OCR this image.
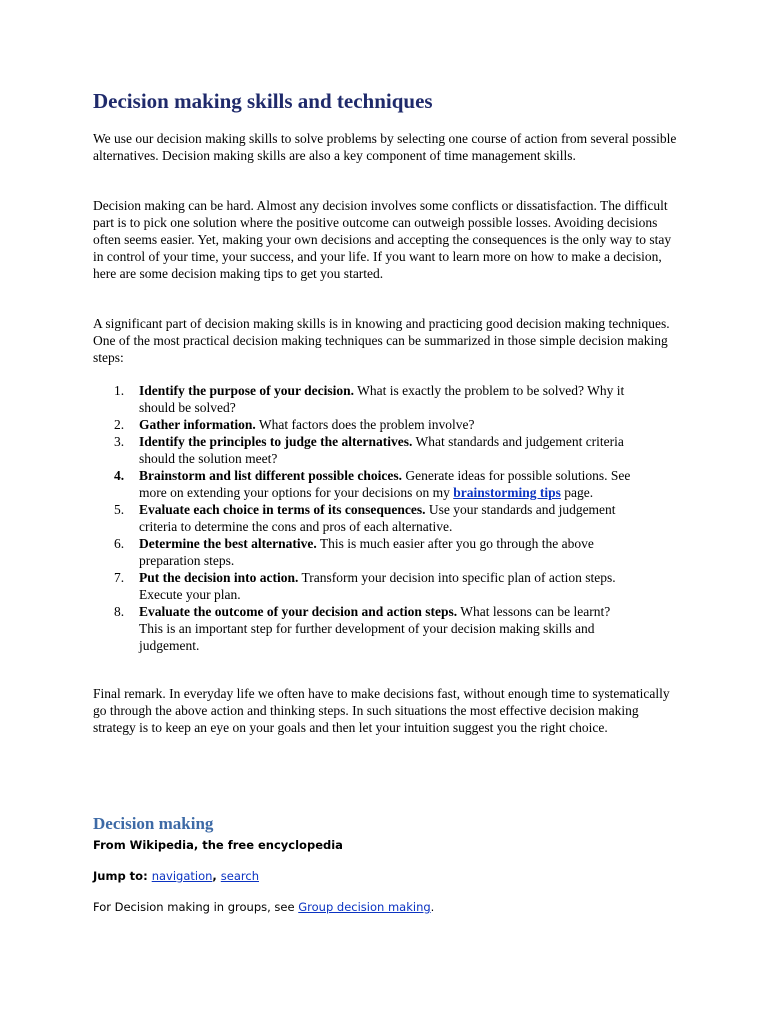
Decision making skills and techniques

We use our decision making skills to solve problems by selecting one course of action from several possible alternatives. Decision making skills are also a key component of time management skills.

Decision making can be hard. Almost any decision involves some conflicts or dissatisfaction. The difficult part is to pick one solution where the positive outcome can outweigh possible losses. Avoiding decisions often seems easier. Yet, making your own decisions and accepting the consequences is the only way to stay in control of your time, your success, and your life. If you want to learn more on how to make a decision, here are some decision making tips to get you started.

A significant part of decision making skills is in knowing and practicing good decision making techniques. One of the most practical decision making techniques can be summarized in those simple decision making steps:

1. Identify the purpose of your decision. What is exactly the problem to be solved? Why it should be solved?
2. Gather information. What factors does the problem involve?
3. Identify the principles to judge the alternatives. What standards and judgement criteria should the solution meet?
4. Brainstorm and list different possible choices. Generate ideas for possible solutions. See more on extending your options for your decisions on my brainstorming tips page.
5. Evaluate each choice in terms of its consequences. Use your standards and judgement criteria to determine the cons and pros of each alternative.
6. Determine the best alternative. This is much easier after you go through the above preparation steps.
7. Put the decision into action. Transform your decision into specific plan of action steps. Execute your plan.
8. Evaluate the outcome of your decision and action steps. What lessons can be learnt? This is an important step for further development of your decision making skills and judgement.

Final remark. In everyday life we often have to make decisions fast, without enough time to systematically go through the above action and thinking steps. In such situations the most effective decision making strategy is to keep an eye on your goals and then let your intuition suggest you the right choice.

Decision making

From Wikipedia, the free encyclopedia

Jump to: navigation, search

For Decision making in groups, see Group decision making.
